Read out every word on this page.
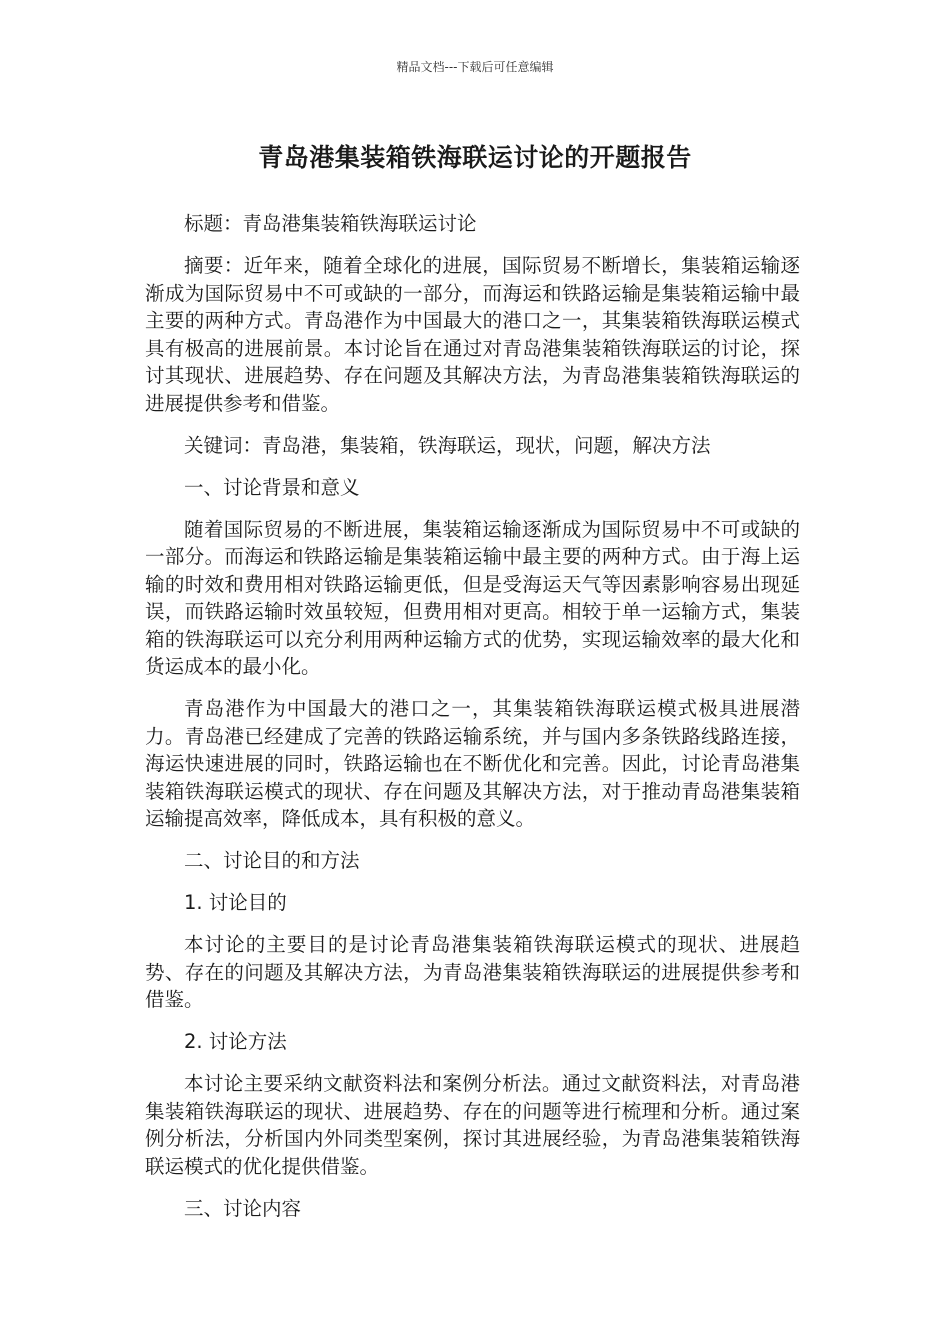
精品文档---下载后可任意编辑
青岛港集装箱铁海联运讨论的开题报告

标题：青岛港集装箱铁海联运讨论

摘要：近年来，随着全球化的进展，国际贸易不断增长，集装箱运输逐渐成为国际贸易中不可或缺的一部分，而海运和铁路运输是集装箱运输中最主要的两种方式。青岛港作为中国最大的港口之一，其集装箱铁海联运模式具有极高的进展前景。本讨论旨在通过对青岛港集装箱铁海联运的讨论，探讨其现状、进展趋势、存在问题及其解决方法，为青岛港集装箱铁海联运的进展提供参考和借鉴。

关键词：青岛港，集装箱，铁海联运，现状，问题，解决方法

一、讨论背景和意义

随着国际贸易的不断进展，集装箱运输逐渐成为国际贸易中不可或缺的一部分。而海运和铁路运输是集装箱运输中最主要的两种方式。由于海上运输的时效和费用相对铁路运输更低，但是受海运天气等因素影响容易出现延误，而铁路运输时效虽较短，但费用相对更高。相较于单一运输方式，集装箱的铁海联运可以充分利用两种运输方式的优势，实现运输效率的最大化和货运成本的最小化。

青岛港作为中国最大的港口之一，其集装箱铁海联运模式极具进展潜力。青岛港已经建成了完善的铁路运输系统，并与国内多条铁路线路连接，海运快速进展的同时，铁路运输也在不断优化和完善。因此，讨论青岛港集装箱铁海联运模式的现状、存在问题及其解决方法，对于推动青岛港集装箱运输提高效率，降低成本，具有积极的意义。

二、讨论目的和方法

1. 讨论目的

本讨论的主要目的是讨论青岛港集装箱铁海联运模式的现状、进展趋势、存在的问题及其解决方法，为青岛港集装箱铁海联运的进展提供参考和借鉴。

2. 讨论方法

本讨论主要采纳文献资料法和案例分析法。通过文献资料法，对青岛港集装箱铁海联运的现状、进展趋势、存在的问题等进行梳理和分析。通过案例分析法，分析国内外同类型案例，探讨其进展经验，为青岛港集装箱铁海联运模式的优化提供借鉴。

三、讨论内容
